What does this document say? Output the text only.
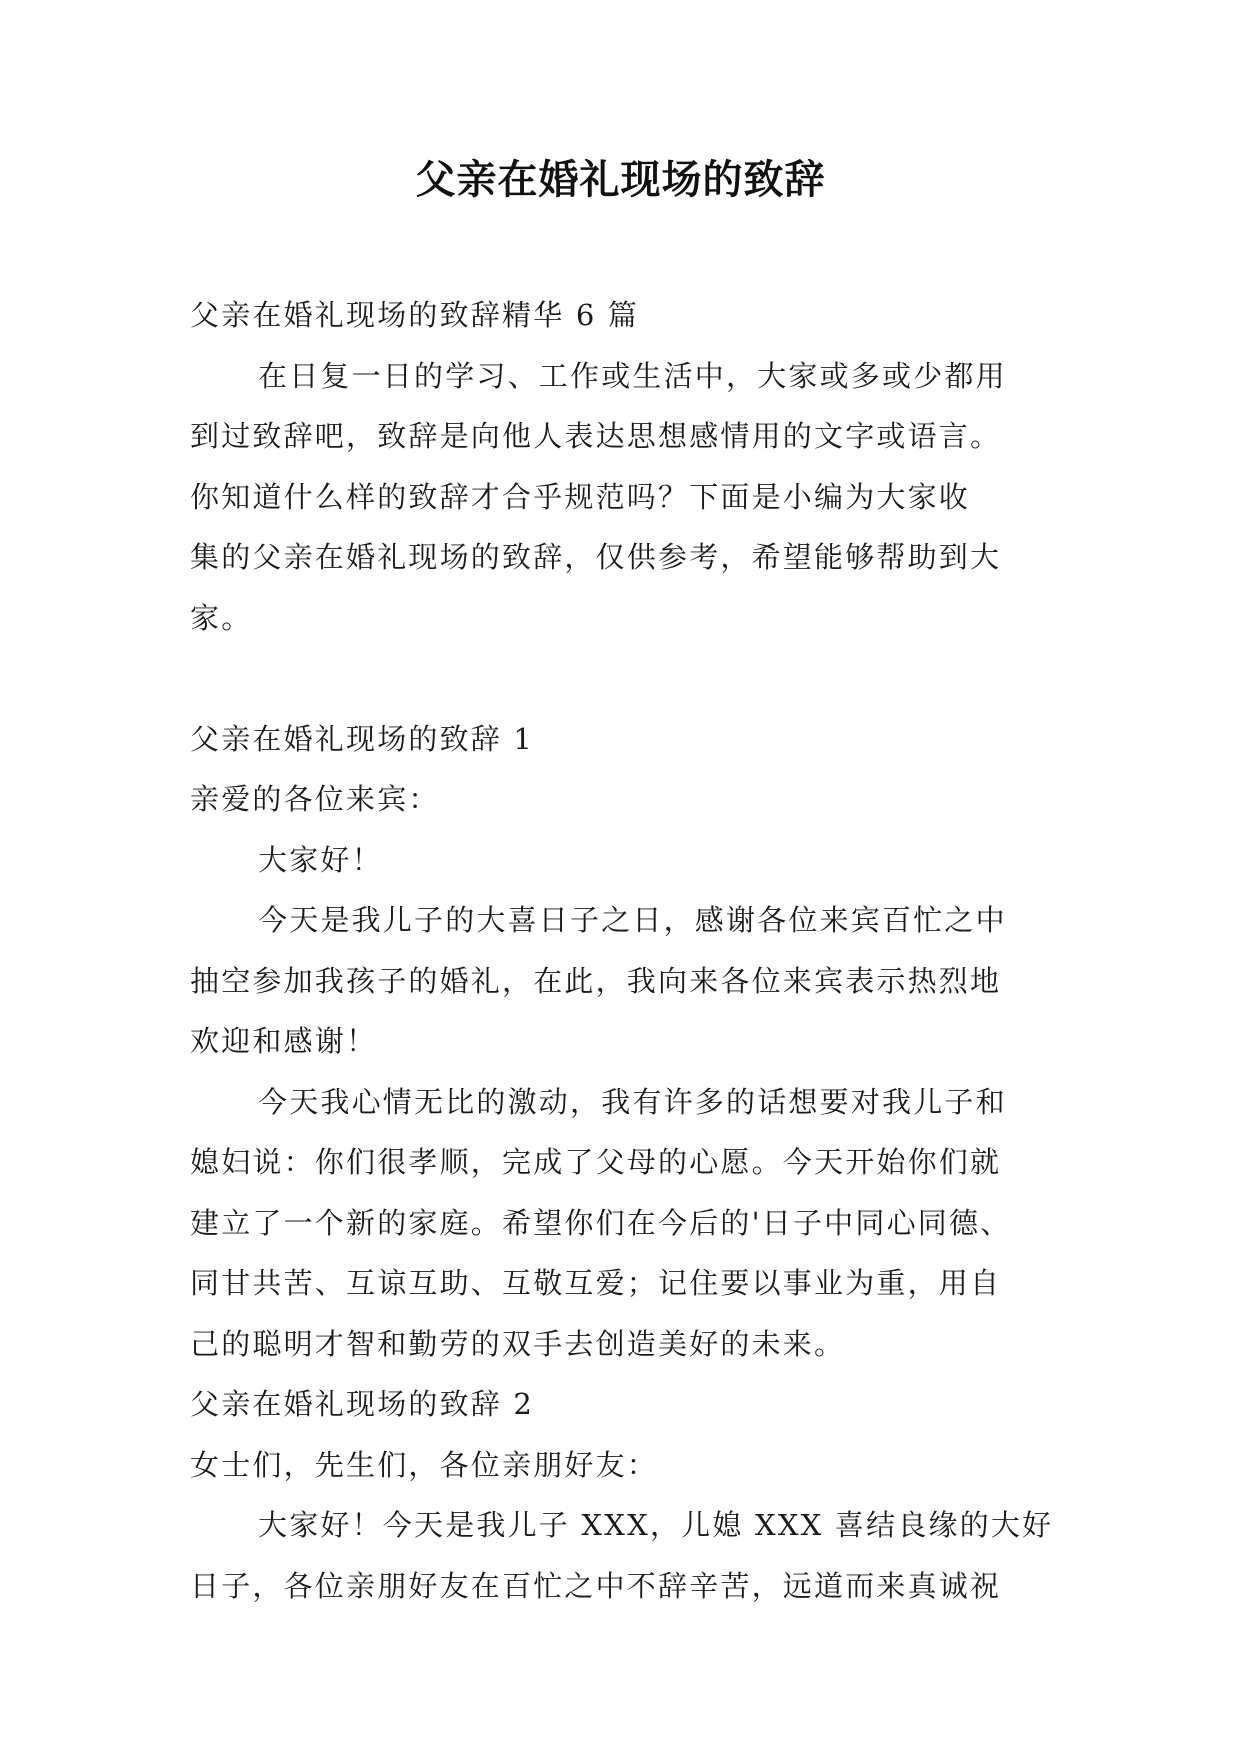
父亲在婚礼现场的致辞
父亲在婚礼现场的致辞精华 6 篇
在日复一日的学习、工作或生活中，大家或多或少都用
到过致辞吧，致辞是向他人表达思想感情用的文字或语言。
你知道什么样的致辞才合乎规范吗？下面是小编为大家收
集的父亲在婚礼现场的致辞，仅供参考，希望能够帮助到大
家。
父亲在婚礼现场的致辞 1
亲爱的各位来宾：
大家好！
今天是我儿子的大喜日子之日，感谢各位来宾百忙之中
抽空参加我孩子的婚礼，在此，我向来各位来宾表示热烈地
欢迎和感谢！
今天我心情无比的激动，我有许多的话想要对我儿子和
媳妇说：你们很孝顺，完成了父母的心愿。今天开始你们就
建立了一个新的家庭。希望你们在今后的'日子中同心同德、
同甘共苦、互谅互助、互敬互爱；记住要以事业为重，用自
己的聪明才智和勤劳的双手去创造美好的未来。
父亲在婚礼现场的致辞 2
女士们，先生们，各位亲朋好友：
大家好！今天是我儿子 XXX，儿媳 XXX 喜结良缘的大好
日子，各位亲朋好友在百忙之中不辞辛苦，远道而来真诚祝
